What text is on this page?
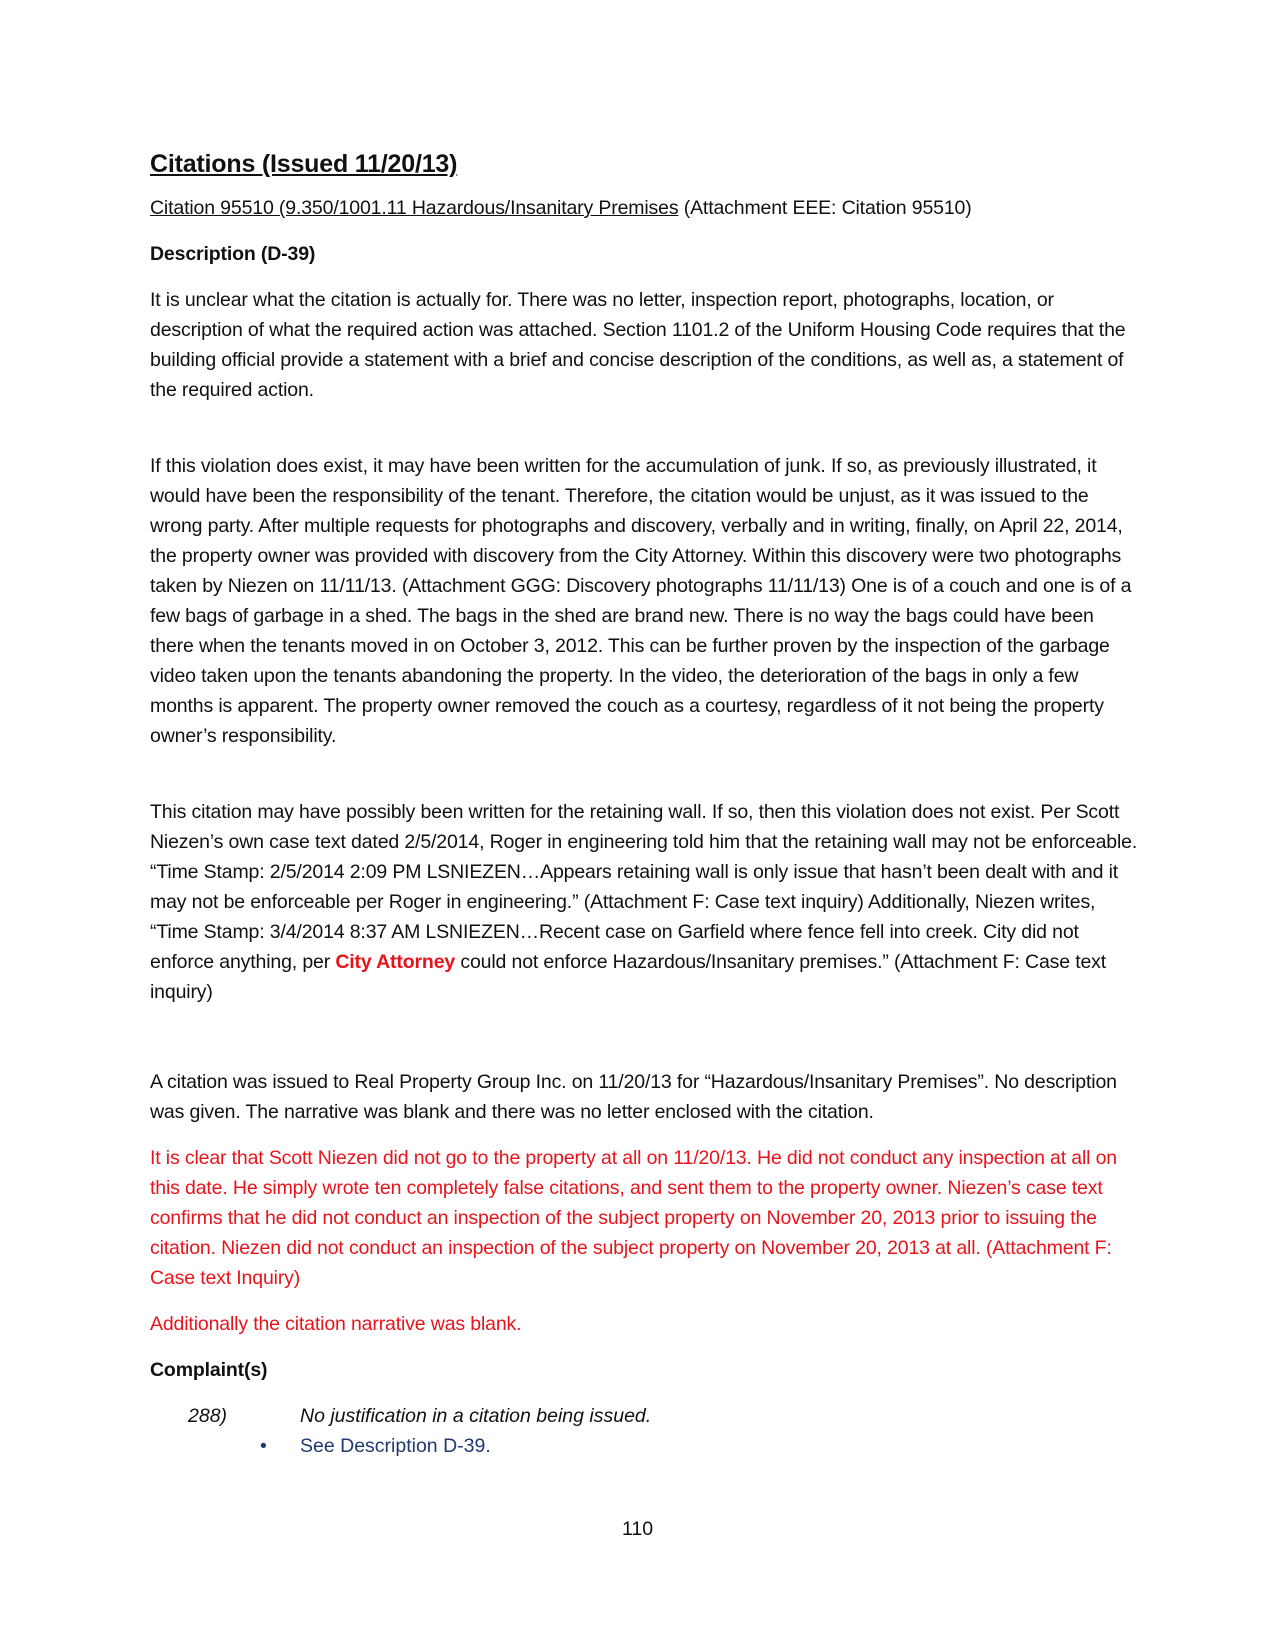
Citations (Issued 11/20/13)
Citation 95510 (9.350/1001.11 Hazardous/Insanitary Premises (Attachment EEE: Citation 95510)
Description (D-39)
It is unclear what the citation is actually for. There was no letter, inspection report, photographs, location, or description of what the required action was attached. Section 1101.2 of the Uniform Housing Code requires that the building official provide a statement with a brief and concise description of the conditions, as well as, a statement of the required action.
If this violation does exist, it may have been written for the accumulation of junk. If so, as previously illustrated, it would have been the responsibility of the tenant. Therefore, the citation would be unjust, as it was issued to the wrong party. After multiple requests for photographs and discovery, verbally and in writing, finally, on April 22, 2014, the property owner was provided with discovery from the City Attorney. Within this discovery were two photographs taken by Niezen on 11/11/13. (Attachment GGG: Discovery photographs 11/11/13) One is of a couch and one is of a few bags of garbage in a shed. The bags in the shed are brand new. There is no way the bags could have been there when the tenants moved in on October 3, 2012. This can be further proven by the inspection of the garbage video taken upon the tenants abandoning the property. In the video, the deterioration of the bags in only a few months is apparent. The property owner removed the couch as a courtesy, regardless of it not being the property owner’s responsibility.
This citation may have possibly been written for the retaining wall. If so, then this violation does not exist. Per Scott Niezen’s own case text dated 2/5/2014, Roger in engineering told him that the retaining wall may not be enforceable. “Time Stamp: 2/5/2014 2:09 PM LSNIEZEN…Appears retaining wall is only issue that hasn’t been dealt with and it may not be enforceable per Roger in engineering.” (Attachment F: Case text inquiry) Additionally, Niezen writes, “Time Stamp: 3/4/2014 8:37 AM LSNIEZEN…Recent case on Garfield where fence fell into creek. City did not enforce anything, per City Attorney could not enforce Hazardous/Insanitary premises.” (Attachment F: Case text inquiry)
A citation was issued to Real Property Group Inc. on 11/20/13 for “Hazardous/Insanitary Premises”. No description was given. The narrative was blank and there was no letter enclosed with the citation.
It is clear that Scott Niezen did not go to the property at all on 11/20/13. He did not conduct any inspection at all on this date. He simply wrote ten completely false citations, and sent them to the property owner. Niezen’s case text confirms that he did not conduct an inspection of the subject property on November 20, 2013 prior to issuing the citation. Niezen did not conduct an inspection of the subject property on November 20, 2013 at all. (Attachment F: Case text Inquiry)
Additionally the citation narrative was blank.
Complaint(s)
288)	No justification in a citation being issued.
• See Description D-39.
110
